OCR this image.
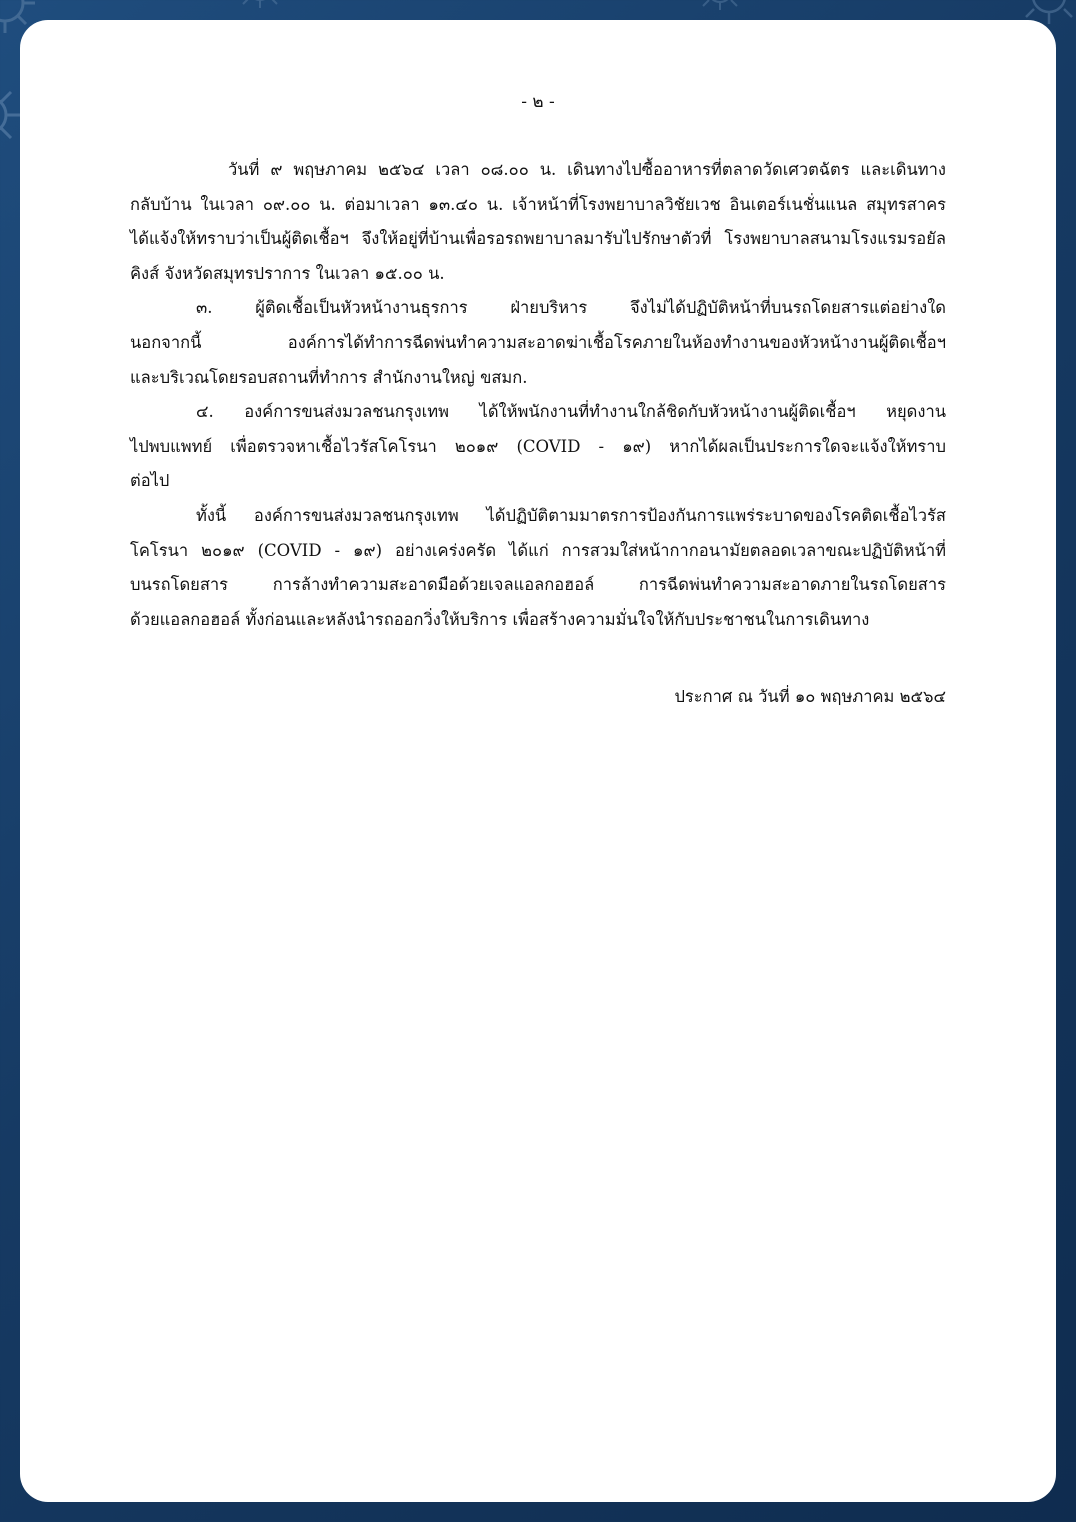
- ๒ -
วันที่ ๙ พฤษภาคม ๒๕๖๔ เวลา ๐๘.๐๐ น. เดินทางไปซื้ออาหารที่ตลาดวัดเศวตฉัตร และเดินทาง
กลับบ้าน ในเวลา ๐๙.๐๐ น. ต่อมาเวลา ๑๓.๔๐ น. เจ้าหน้าที่โรงพยาบาลวิชัยเวช อินเตอร์เนชั่นแนล สมุทรสาคร
ได้แจ้งให้ทราบว่าเป็นผู้ติดเชื้อฯ จึงให้อยู่ที่บ้านเพื่อรอรถพยาบาลมารับไปรักษาตัวที่ โรงพยาบาลสนามโรงแรมรอยัล
คิงส์ จังหวัดสมุทรปราการ ในเวลา ๑๕.๐๐ น.
๓. ผู้ติดเชื้อเป็นหัวหน้างานธุรการ ฝ่ายบริหาร จึงไม่ได้ปฏิบัติหน้าที่บนรถโดยสารแต่อย่างใด
นอกจากนี้ องค์การได้ทำการฉีดพ่นทำความสะอาดฆ่าเชื้อโรคภายในห้องทำงานของหัวหน้างานผู้ติดเชื้อฯ
และบริเวณโดยรอบสถานที่ทำการ สำนักงานใหญ่ ขสมก.
๔. องค์การขนส่งมวลชนกรุงเทพ ได้ให้พนักงานที่ทำงานใกล้ชิดกับหัวหน้างานผู้ติดเชื้อฯ หยุดงาน
ไปพบแพทย์ เพื่อตรวจหาเชื้อไวรัสโคโรนา ๒๐๑๙ (COVID - ๑๙) หากได้ผลเป็นประการใดจะแจ้งให้ทราบ
ต่อไป
ทั้งนี้ องค์การขนส่งมวลชนกรุงเทพ ได้ปฏิบัติตามมาตรการป้องกันการแพร่ระบาดของโรคติดเชื้อไวรัส
โคโรนา ๒๐๑๙ (COVID - ๑๙) อย่างเคร่งครัด ได้แก่ การสวมใส่หน้ากากอนามัยตลอดเวลาขณะปฏิบัติหน้าที่
บนรถโดยสาร การล้างทำความสะอาดมือด้วยเจลแอลกอฮอล์ การฉีดพ่นทำความสะอาดภายในรถโดยสาร
ด้วยแอลกอฮอล์ ทั้งก่อนและหลังนำรถออกวิ่งให้บริการ เพื่อสร้างความมั่นใจให้กับประชาชนในการเดินทาง
ประกาศ ณ วันที่ ๑๐ พฤษภาคม ๒๕๖๔
